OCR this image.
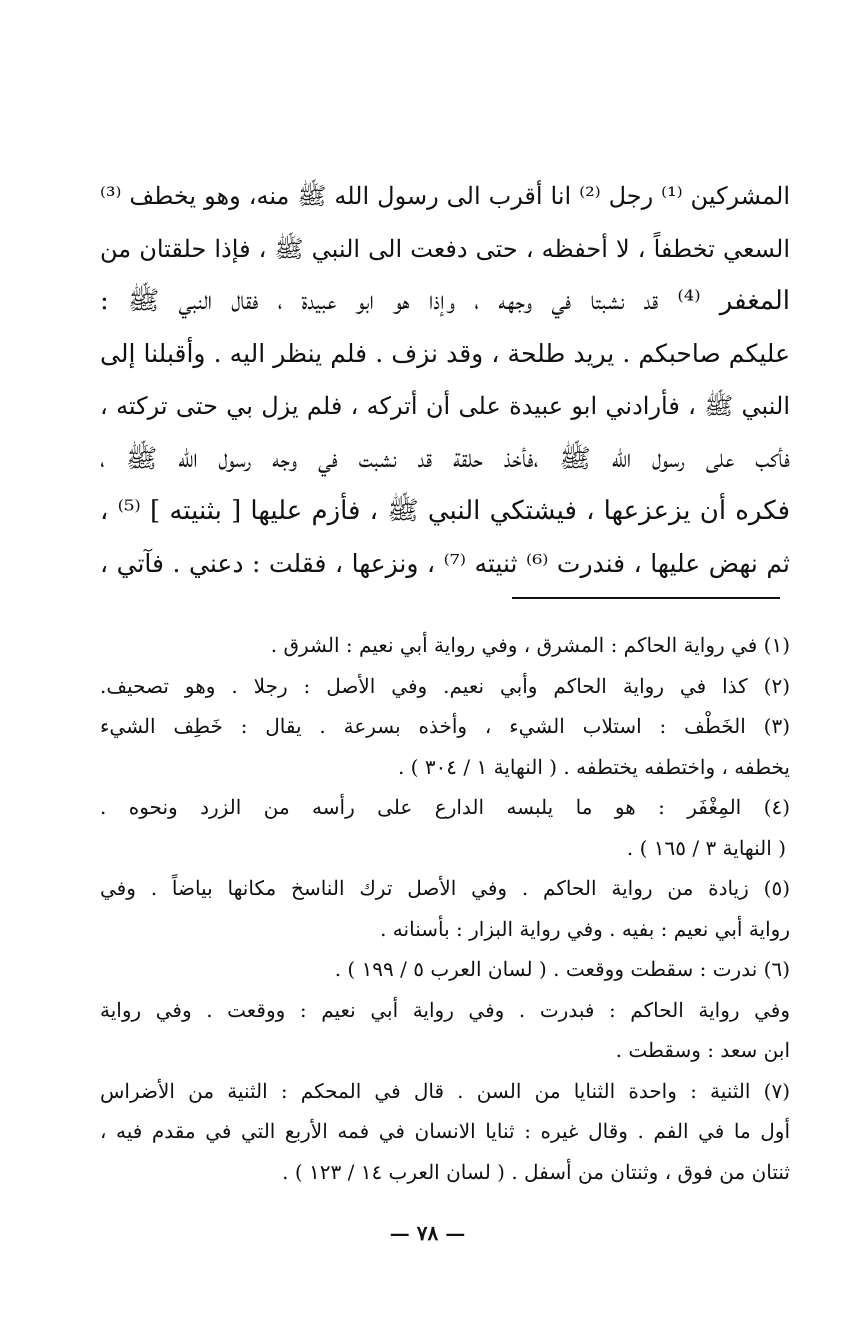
المشركين ⁽¹⁾ رجل ⁽²⁾ انا أقرب الى رسول الله ﷺ منه، وهو يخطف ⁽³⁾
السعي تخطفاً ، لا أحفظه ، حتى دفعت الى النبي ﷺ ، فإذا حلقتان من
المغفر ⁽⁴⁾ قد نشبتا في وجهه ، وإذا هو ابو عبيدة ، فقال النبي ﷺ :
عليكم صاحبكم . يريد طلحة ، وقد نزف . فلم ينظر اليه . وأقبلنا إلى
النبي ﷺ ، فأرادني ابو عبيدة على أن أتركه ، فلم يزل بي حتى تركته ،
فأكب على رسول الله ﷺ ،فأخذ حلقة قد نشبت في وجه رسول الله ﷺ ،
فكره أن يزعزعها ، فيشتكي النبي ﷺ ، فأزم عليها [ بثنيته ] ⁽⁵⁾ ،
ثم نهض عليها ، فندرت ⁽⁶⁾ ثنيته ⁽⁷⁾ ، ونزعها ، فقلت : دعني . فآتي ،
(١) في رواية الحاكم : المشرق ، وفي رواية أبي نعيم : الشرق .
(٢) كذا في رواية الحاكم وأبي نعيم. وفي الأصل : رجلا . وهو تصحيف.
(٣) الخَطْف : استلاب الشيء ، وأخذه بسرعة . يقال : خَطِف الشيء
يخطفه ، واختطفه يختطفه . ( النهاية ١ / ٣٠٤ ) .
(٤) المِغْفَر : هو ما يلبسه الدارع على رأسه من الزرد ونحوه .
( النهاية ٣ / ١٦٥ ) .
(٥) زيادة من رواية الحاكم . وفي الأصل ترك الناسخ مكانها بياضاً . وفي
رواية أبي نعيم : بفيه . وفي رواية البزار : بأسنانه .
(٦) ندرت : سقطت ووقعت . ( لسان العرب ٥ / ١٩٩ ) .
وفي رواية الحاكم : فبدرت . وفي رواية أبي نعيم : ووقعت . وفي رواية
ابن سعد : وسقطت .
(٧) الثنية : واحدة الثنايا من السن . قال في المحكم : الثنية من الأضراس
أول ما في الفم . وقال غيره : ثنايا الانسان في فمه الأربع التي في مقدم فيه ،
ثنتان من فوق ، وثنتان من أسفل . ( لسان العرب ١٤ / ١٢٣ ) .
— ٧٨ —
